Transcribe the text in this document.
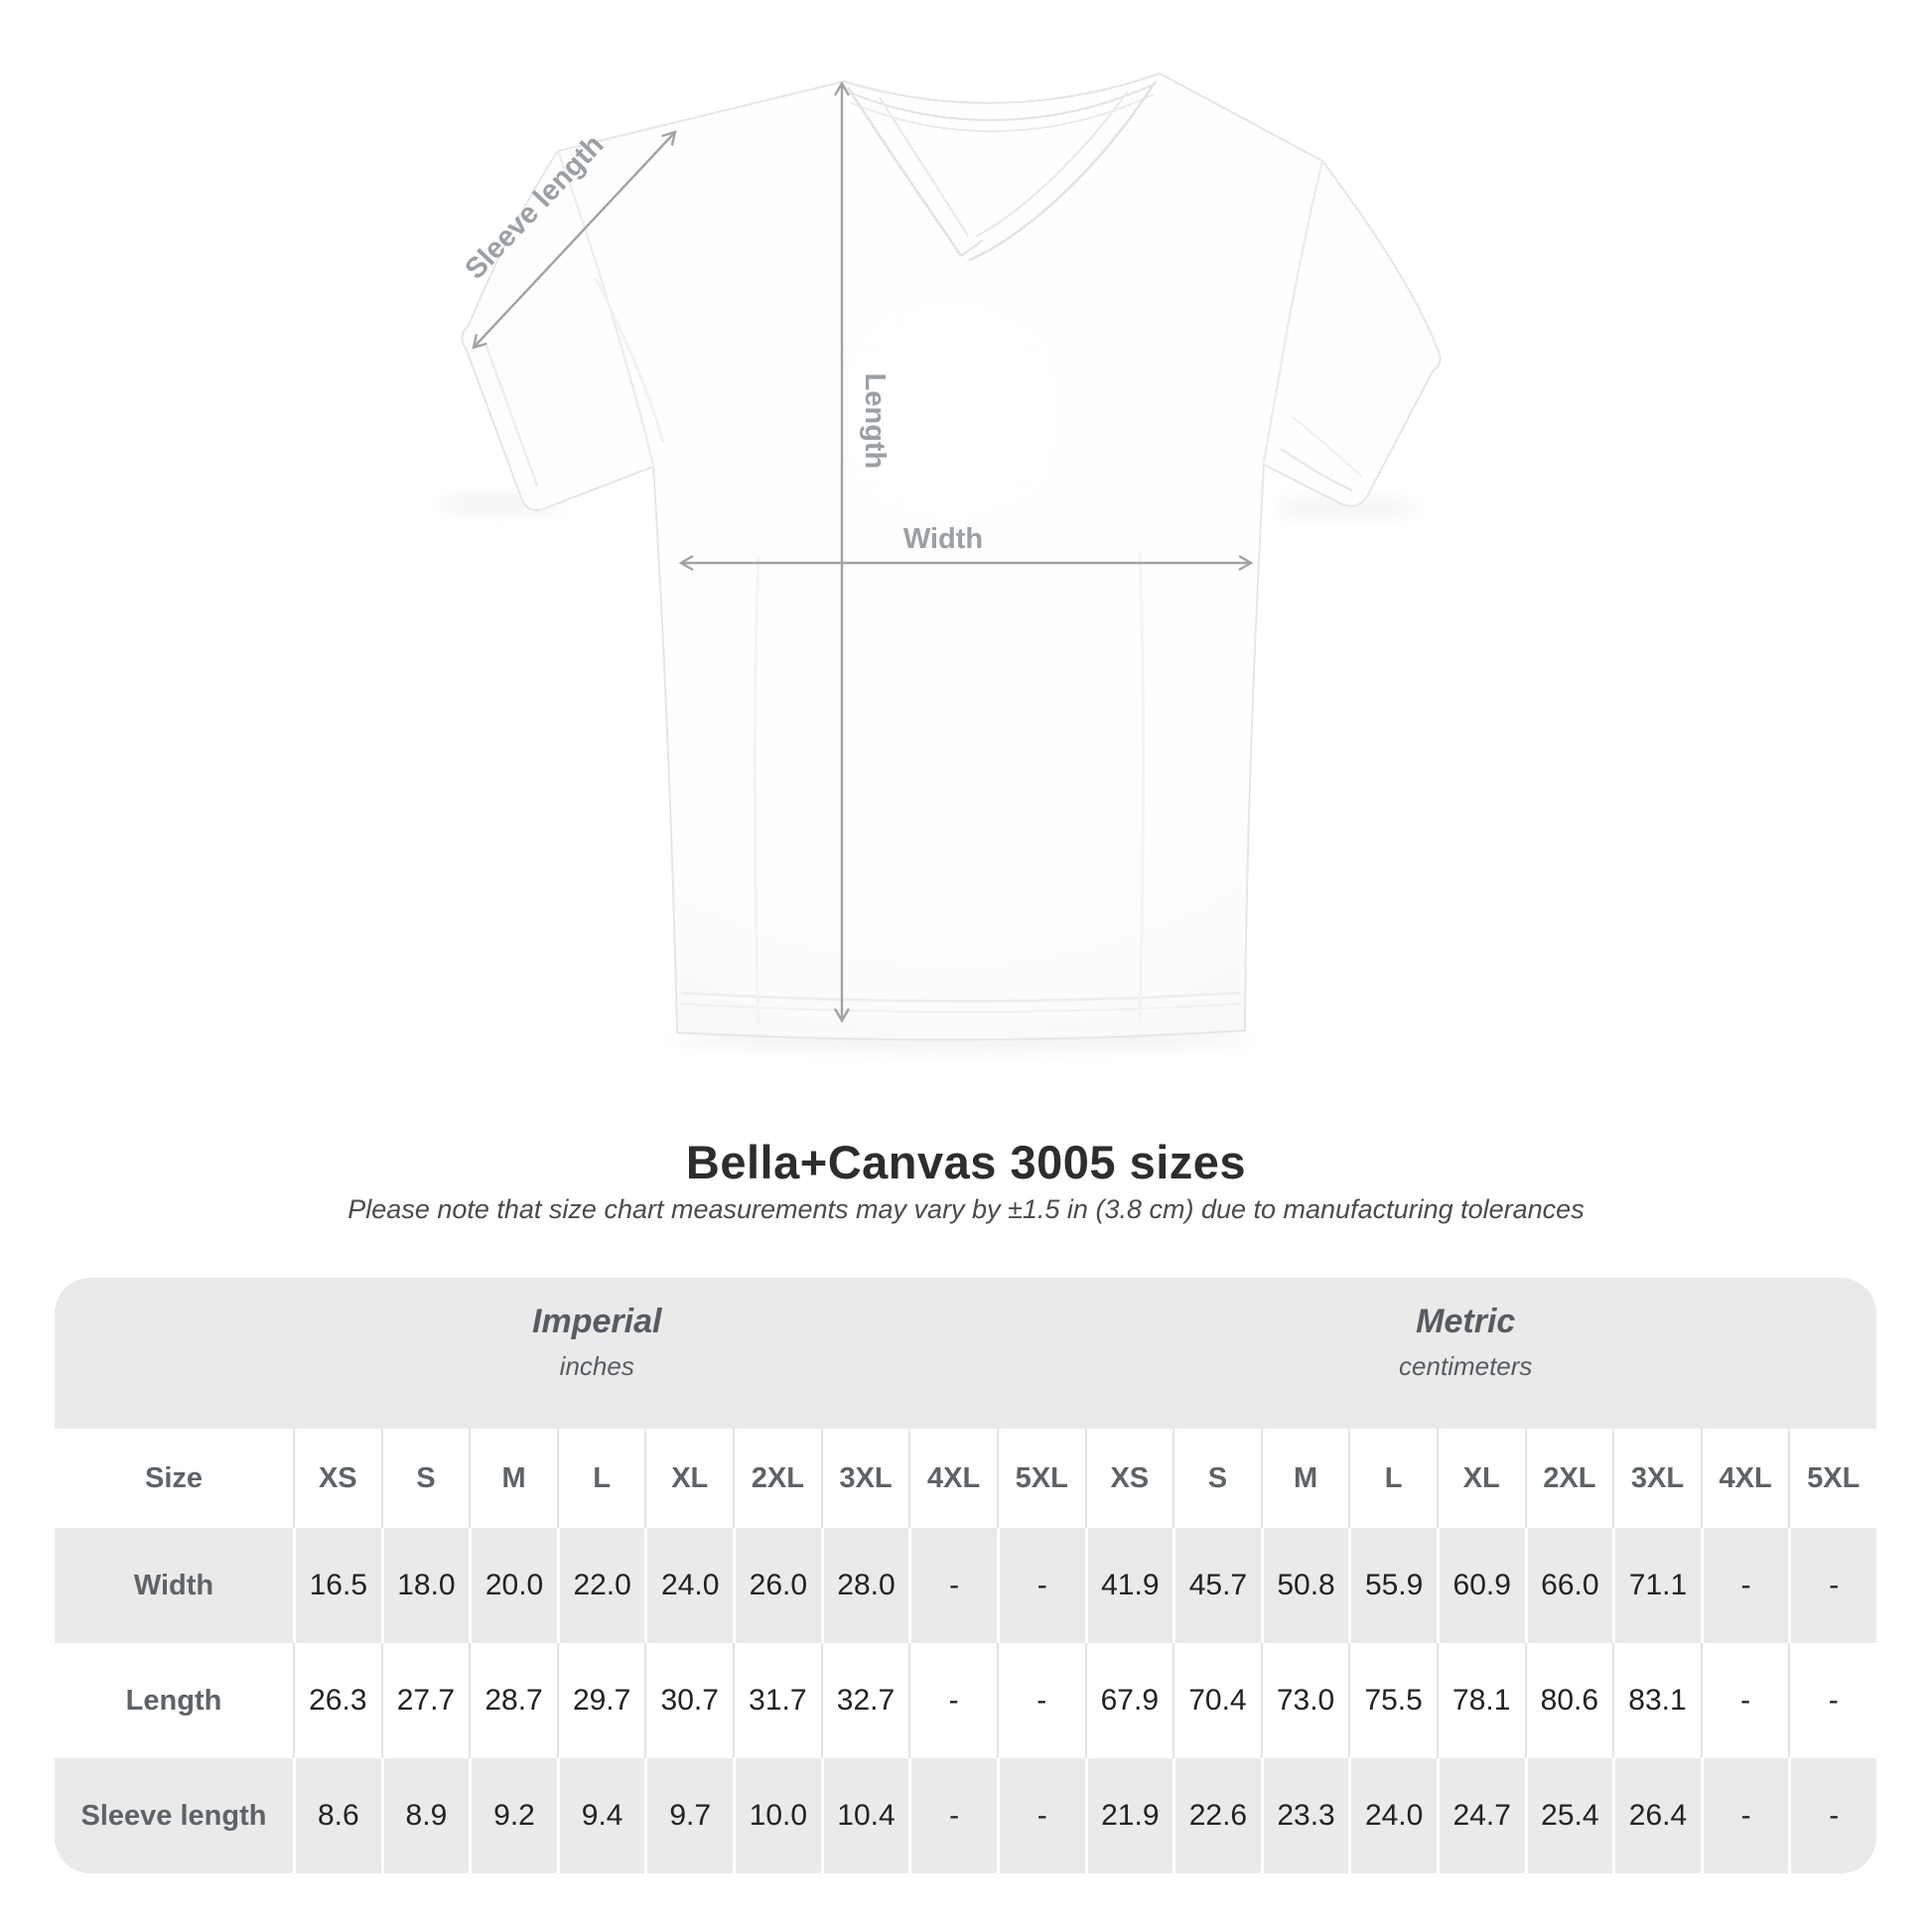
Sleeve length
Length
Width
Bella+Canvas 3005 sizes
Please note that size chart measurements may vary by ±1.5 in (3.8 cm) due to manufacturing tolerances
Imperial
inches
Metric
centimeters
Size	XS	S	M	L	XL	2XL	3XL	4XL	5XL	XS	S	M	L	XL	2XL	3XL	4XL	5XL
Width	16.5	18.0	20.0	22.0	24.0	26.0	28.0	-	-	41.9	45.7	50.8	55.9	60.9	66.0	71.1	-	-
Length	26.3	27.7	28.7	29.7	30.7	31.7	32.7	-	-	67.9	70.4	73.0	75.5	78.1	80.6	83.1	-	-
Sleeve length	8.6	8.9	9.2	9.4	9.7	10.0	10.4	-	-	21.9	22.6	23.3	24.0	24.7	25.4	26.4	-	-
